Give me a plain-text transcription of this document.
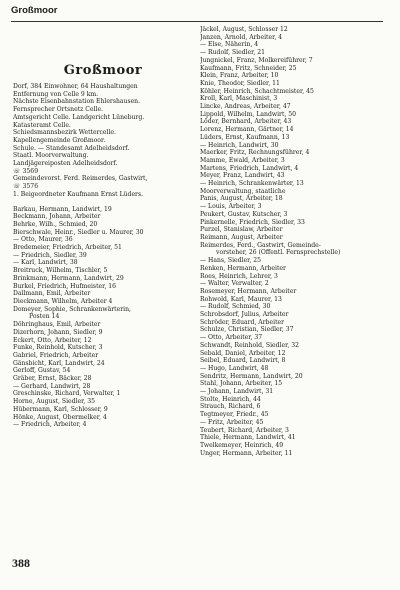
Großmoor
Großmoor
Dorf, 384 Einwohner, 64 Haushaltungen
Entfernung von Celle 9 km.
Nächste Eisenbahnstation Ehlershausen.
Fernsprecher Ortsnetz Celle.
Amtsgericht Celle. Landgericht Lüneburg.
Katasteramt Celle.
Schiedsmannsbezirk Wettercelle.
Kapellengemeinde Großmoor.
Schule. — Standesamt Adelheidsdorf.
Staatl. Moorverwaltung.
Landjägereiposten Adelheidsdorf.
☏ 3569
Gemeindevorst. Ferd. Reimerdes, Gastwirt,
☏ 3576
1. Beigeordneter Kaufmann Ernst Lüders.
Barkau, Hermann, Landwirt, 19
Beckmann, Johann, Arbeiter
Behrke, Wilh., Schmied, 20
Bierschwale, Heinr., Siedler u. Maurer, 30
— Otto, Maurer, 36
Bredemeier, Friedrich, Arbeiter, 51
— Friedrich, Siedler, 39
— Karl, Landwirt, 38
Breitruck, Wilhelm, Tischler, 5
Brinkmann, Hermann, Landwirt, 29
Burkel, Friedrich, Hufmeister, 16
Dallmann, Emil, Arbeiter
Dieckmann, Wilhelm, Arbeiter 4
Domeyer, Sophie, Schrankenwärterin,
Posten 14
Döhringhaus, Emil, Arbeiter
Dizerhorn, Johann, Siedler, 9
Eckert, Otto, Arbeiter, 12
Funke, Reinhold, Kutscher, 3
Gabriel, Friedrich, Arbeiter
Gänsbicht, Karl, Landwirt, 24
Gerloff, Gustav, 54
Gräber, Ernst, Bäcker, 28
— Gerhard, Landwirt, 28
Greschinske, Richard, Verwalter, 1
Horne, August, Siedler, 35
Hübermann, Karl, Schlosser, 9
Hönke, August, Obermelker, 4
— Friedrich, Arbeiter, 4
Jäckel, August, Schlosser 12
Janzen, Arnold, Arbeiter, 4
— Else, Näherin, 4
— Rudolf, Siedler, 21
Jungnickel, Franz, Molkereiführer, 7
Kaufmann, Fritz, Schneider, 25
Klein, Franz, Arbeiter, 10
Knie, Theodor, Siedler, 11
Köhler, Heinrich, Schachtmeister, 45
Kroll, Karl, Maschinist, 3
Lincke, Andreas, Arbeiter, 47
Lippold, Wilhelm, Landwirt, 50
Löder, Bernhard, Arbeiter, 43
Lorenz, Hermann, Gärtner, 14
Lüders, Ernst, Kaufmann, 13
— Heinrich, Landwirt, 30
Maerker, Fritz, Rechnungsführer, 4
Mamme, Ewald, Arbeiter, 3
Martens, Friedrich, Landwirt, 4
Meyer, Franz, Landwirt, 43
— Heinrich, Schrankenwärter, 13
Moorverwaltung, staatliche
Panis, August, Arbeiter, 18
— Louis, Arbeiter, 3
Peukert, Gustav, Kutscher, 3
Pinkernelle, Friedrich, Siedler, 33
Purzel, Stanislaw, Arbeiter
Reimann, August, Arbeiter
Reimerdes, Ferd., Gastwirt, Gemeinde-
vorsteher, 26 (Öffentl. Fernsprechstelle)
— Hans, Siedler, 25
Renken, Hermann, Arbeiter
Roes, Heinrich, Lehrer, 3
— Walter, Verwalter, 2
Rosemeyer, Hermann, Arbeiter
Rohwold, Karl, Maurer, 13
— Rudolf, Schmied, 30
Schrobsdorf, Julius, Arbeiter
Schröder, Eduard, Arbeiter
Schulze, Christian, Siedler, 37
— Otto, Arbeiter, 37
Schwandt, Reinhold, Siedler, 32
Sebald, Daniel, Arbeiter, 12
Seibel, Eduard, Landwirt, 8
— Hugo, Landwirt, 48
Sendritz, Hermann, Landwirt, 20
Stahl, Johann, Arbeiter, 15
— Johann, Landwirt, 31
Stolte, Heinrich, 44
Strauch, Richard, 6
Tegtmeyer, Friedr., 45
— Fritz, Arbeiter, 45
Teubert, Richard, Arbeiter, 3
Thiele, Hermann, Landwirt, 41
Twelkemeyer, Heinrich, 49
Unger, Hermann, Arbeiter, 11
388
